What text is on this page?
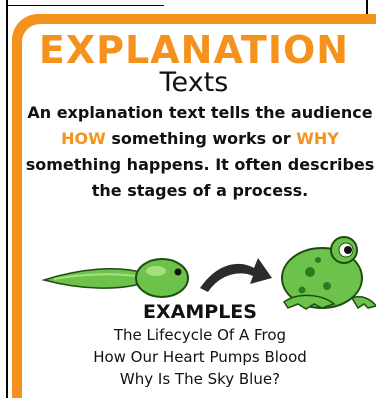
EXPLANATION
Texts
An explanation text tells the audience HOW something works or WHY something happens. It often describes the stages of a process.
EXAMPLES
The Lifecycle Of A Frog
How Our Heart Pumps Blood
Why Is The Sky Blue?
